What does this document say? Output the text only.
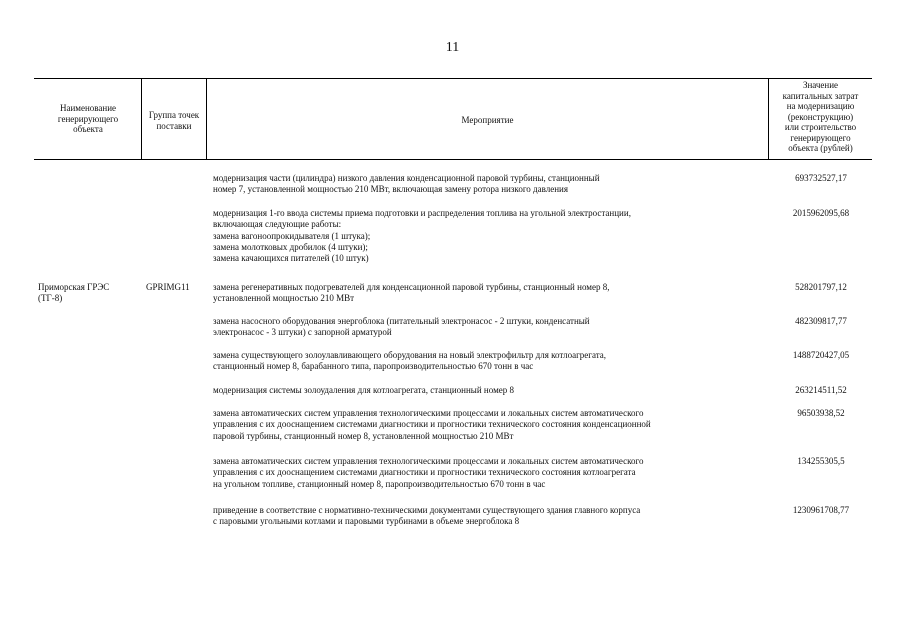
11
Наименование
генерирующего
объекта
Группа точек
поставки
Мероприятие
Значение
капитальных затрат
на модернизацию
(реконструкцию)
или строительство
генерирующего
объекта (рублей)
Приморская ГРЭС
(ТГ-8)
GPRIMG11
модернизация части (цилиндра) низкого давления конденсационной паровой турбины, станционный
номер 7, установленной мощностью 210 МВт, включающая замену ротора низкого давления
693732527,17
модернизация 1-го ввода системы приема подготовки и распределения топлива на угольной электростанции,
включающая следующие работы:
замена вагоноопрокидывателя (1 штука);
замена молотковых дробилок (4 штуки);
замена качающихся питателей (10 штук)
2015962095,68
замена регенеративных подогревателей для конденсационной паровой турбины, станционный номер 8,
установленной мощностью 210 МВт
528201797,12
замена насосного оборудования энергоблока (питательный электронасос - 2 штуки, конденсатный
электронасос - 3 штуки) с запорной арматурой
482309817,77
замена существующего золоулавливающего оборудования на новый электрофильтр для котлоагрегата,
станционный номер 8, барабанного типа, паропроизводительностью 670 тонн в час
1488720427,05
модернизация системы золоудаления для котлоагрегата, станционный номер 8	263214511,52
замена автоматических систем управления технологическими процессами и локальных систем автоматического
управления с их дооснащением системами диагностики и прогностики технического состояния конденсационной
паровой турбины, станционный номер 8, установленной мощностью 210 МВт
96503938,52
замена автоматических систем управления технологическими процессами и локальных систем автоматического
управления с их дооснащением системами диагностики и прогностики технического состояния котлоагрегата
на угольном топливе, станционный номер 8, паропроизводительностью 670 тонн в час
134255305,5
приведение в соответствие с нормативно-техническими документами существующего здания главного корпуса
с паровыми угольными котлами и паровыми турбинами в объеме энергоблока 8
1230961708,77
